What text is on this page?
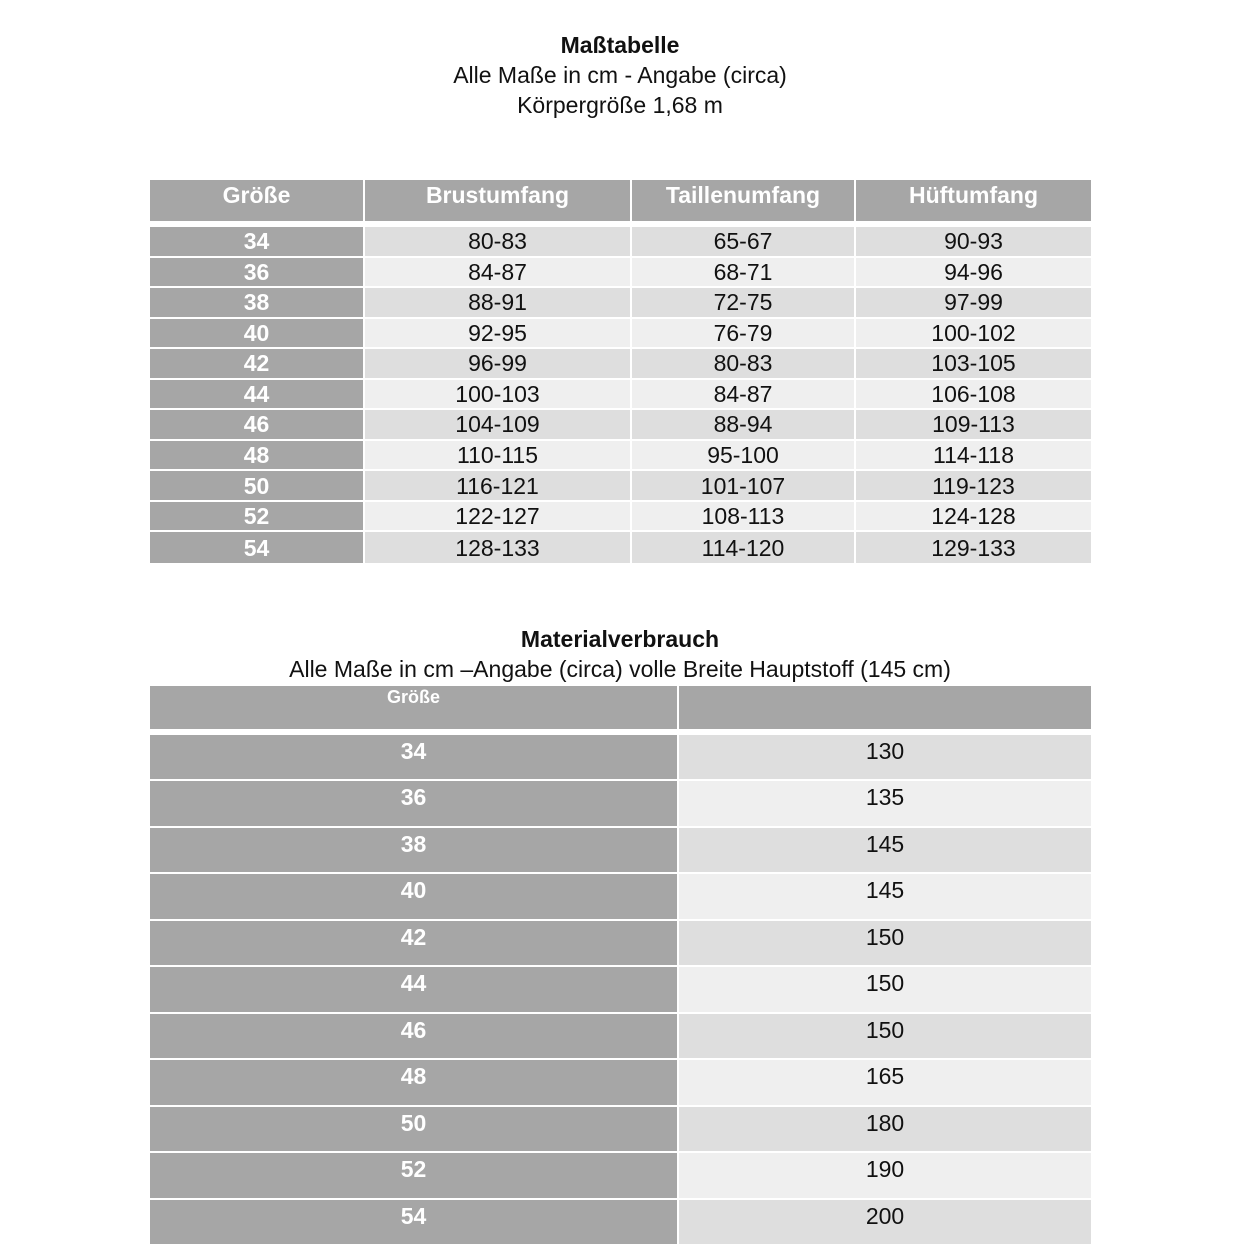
Maßtabelle
Alle Maße in cm - Angabe (circa)
Körpergröße 1,68 m
Größe	Brustumfang	Taillenumfang	Hüftumfang
34	80-83	65-67	90-93
36	84-87	68-71	94-96
38	88-91	72-75	97-99
40	92-95	76-79	100-102
42	96-99	80-83	103-105
44	100-103	84-87	106-108
46	104-109	88-94	109-113
48	110-115	95-100	114-118
50	116-121	101-107	119-123
52	122-127	108-113	124-128
54	128-133	114-120	129-133
Materialverbrauch
Alle Maße in cm –Angabe (circa) volle Breite Hauptstoff (145 cm)
Größe	
34	130
36	135
38	145
40	145
42	150
44	150
46	150
48	165
50	180
52	190
54	200
